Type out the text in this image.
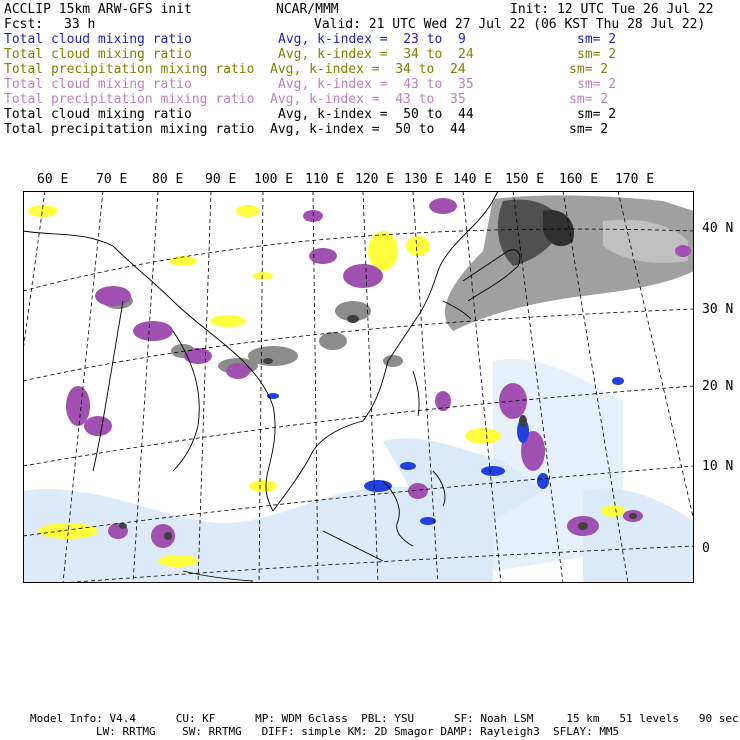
ACCLIP 15km ARW-GFS init	NCAR/MMM	Init: 12 UTC Tue 26 Jul 22
Fcst: 33 h	Valid: 21 UTC Wed 27 Jul 22 (06 KST Thu 28 Jul 22)
Total cloud mixing ratio	Avg, k-index =  23 to  9	sm= 2
Total cloud mixing ratio	Avg, k-index =  34 to  24	sm= 2
Total precipitation mixing ratio Avg, k-index =  34 to  24	sm= 2
Total cloud mixing ratio	Avg, k-index =  43 to  35	sm= 2
Total precipitation mixing ratio Avg, k-index =  43 to  35	sm= 2
Total cloud mixing ratio	Avg, k-index =  50 to  44	sm= 2
Total precipitation mixing ratio Avg, k-index =  50 to  44	sm= 2
60 E 70 E 80 E 90 E 100 E 110 E 120 E 130 E 140 E 150 E 160 E 170 E
40 N
30 N
20 N
10 N
0
Model Info: V4.4      CU: KF      MP: WDM 6class  PBL: YSU      SF: Noah LSM     15 km   51 levels   90 sec
LW: RRTMG    SW: RRTMG   DIFF: simple KM: 2D Smagor DAMP: Rayleigh3  SFLAY: MM5
